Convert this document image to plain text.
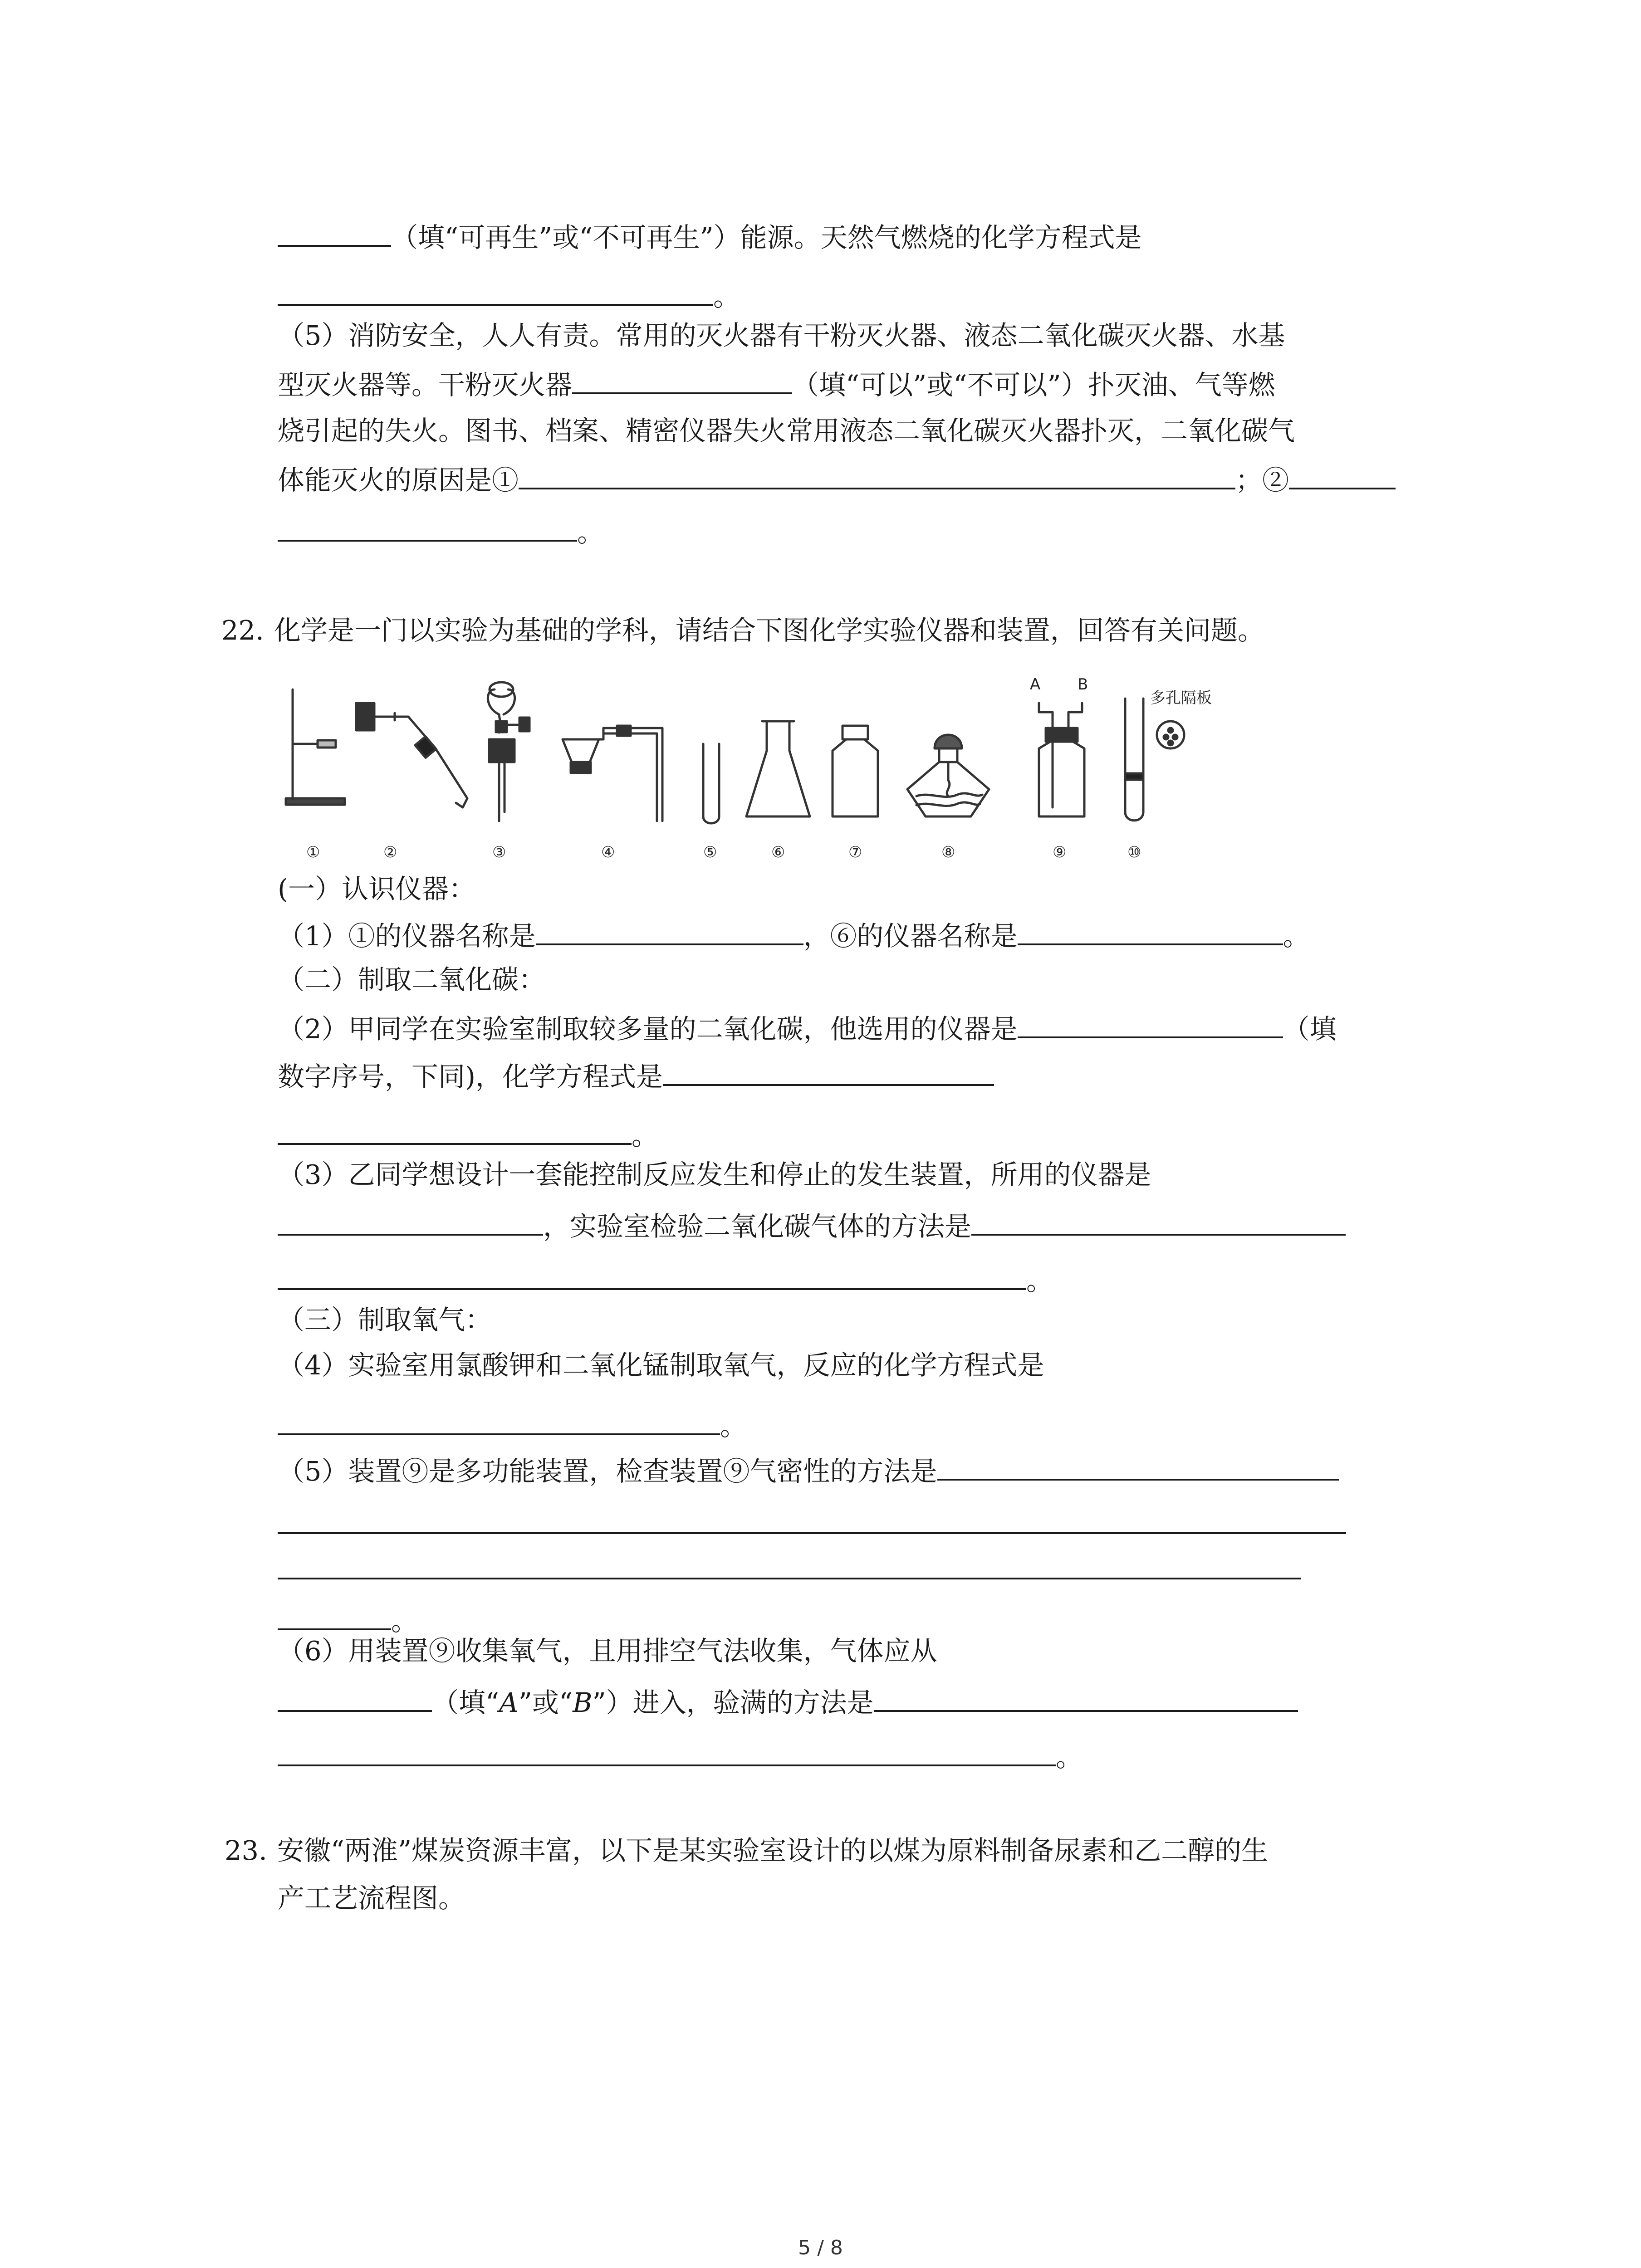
（填“可再生”或“不可再生”）能源。天然气燃烧的化学方程式是
。
（5）消防安全，人人有责。常用的灭火器有干粉灭火器、液态二氧化碳灭火器、水基
型灭火器等。干粉灭火器	（填“可以”或“不可以”）扑灭油、气等燃
烧引起的失火。图书、档案、精密仪器失火常用液态二氧化碳灭火器扑灭，二氧化碳气
体能灭火的原因是①	；②
。
22. 化学是一门以实验为基础的学科，请结合下图化学实验仪器和装置，回答有关问题。
A B
多孔隔板
①	②	③	④	⑤	⑥	⑦	⑧	⑨	⑩
(一）认识仪器：
（1）①的仪器名称是	，⑥的仪器名称是	。
（二）制取二氧化碳：
（2）甲同学在实验室制取较多量的二氧化碳，他选用的仪器是	（填
数字序号，下同)，化学方程式是
。
（3）乙同学想设计一套能控制反应发生和停止的发生装置，所用的仪器是
，实验室检验二氧化碳气体的方法是
。
（三）制取氧气：
（4）实验室用氯酸钾和二氧化锰制取氧气，反应的化学方程式是
。
（5）装置⑨是多功能装置，检查装置⑨气密性的方法是
。
（6）用装置⑨收集氧气，且用排空气法收集，气体应从
（填“A”或“B”）进入，验满的方法是
。
23. 安徽“两淮”煤炭资源丰富，以下是某实验室设计的以煤为原料制备尿素和乙二醇的生
产工艺流程图。
5 / 8
